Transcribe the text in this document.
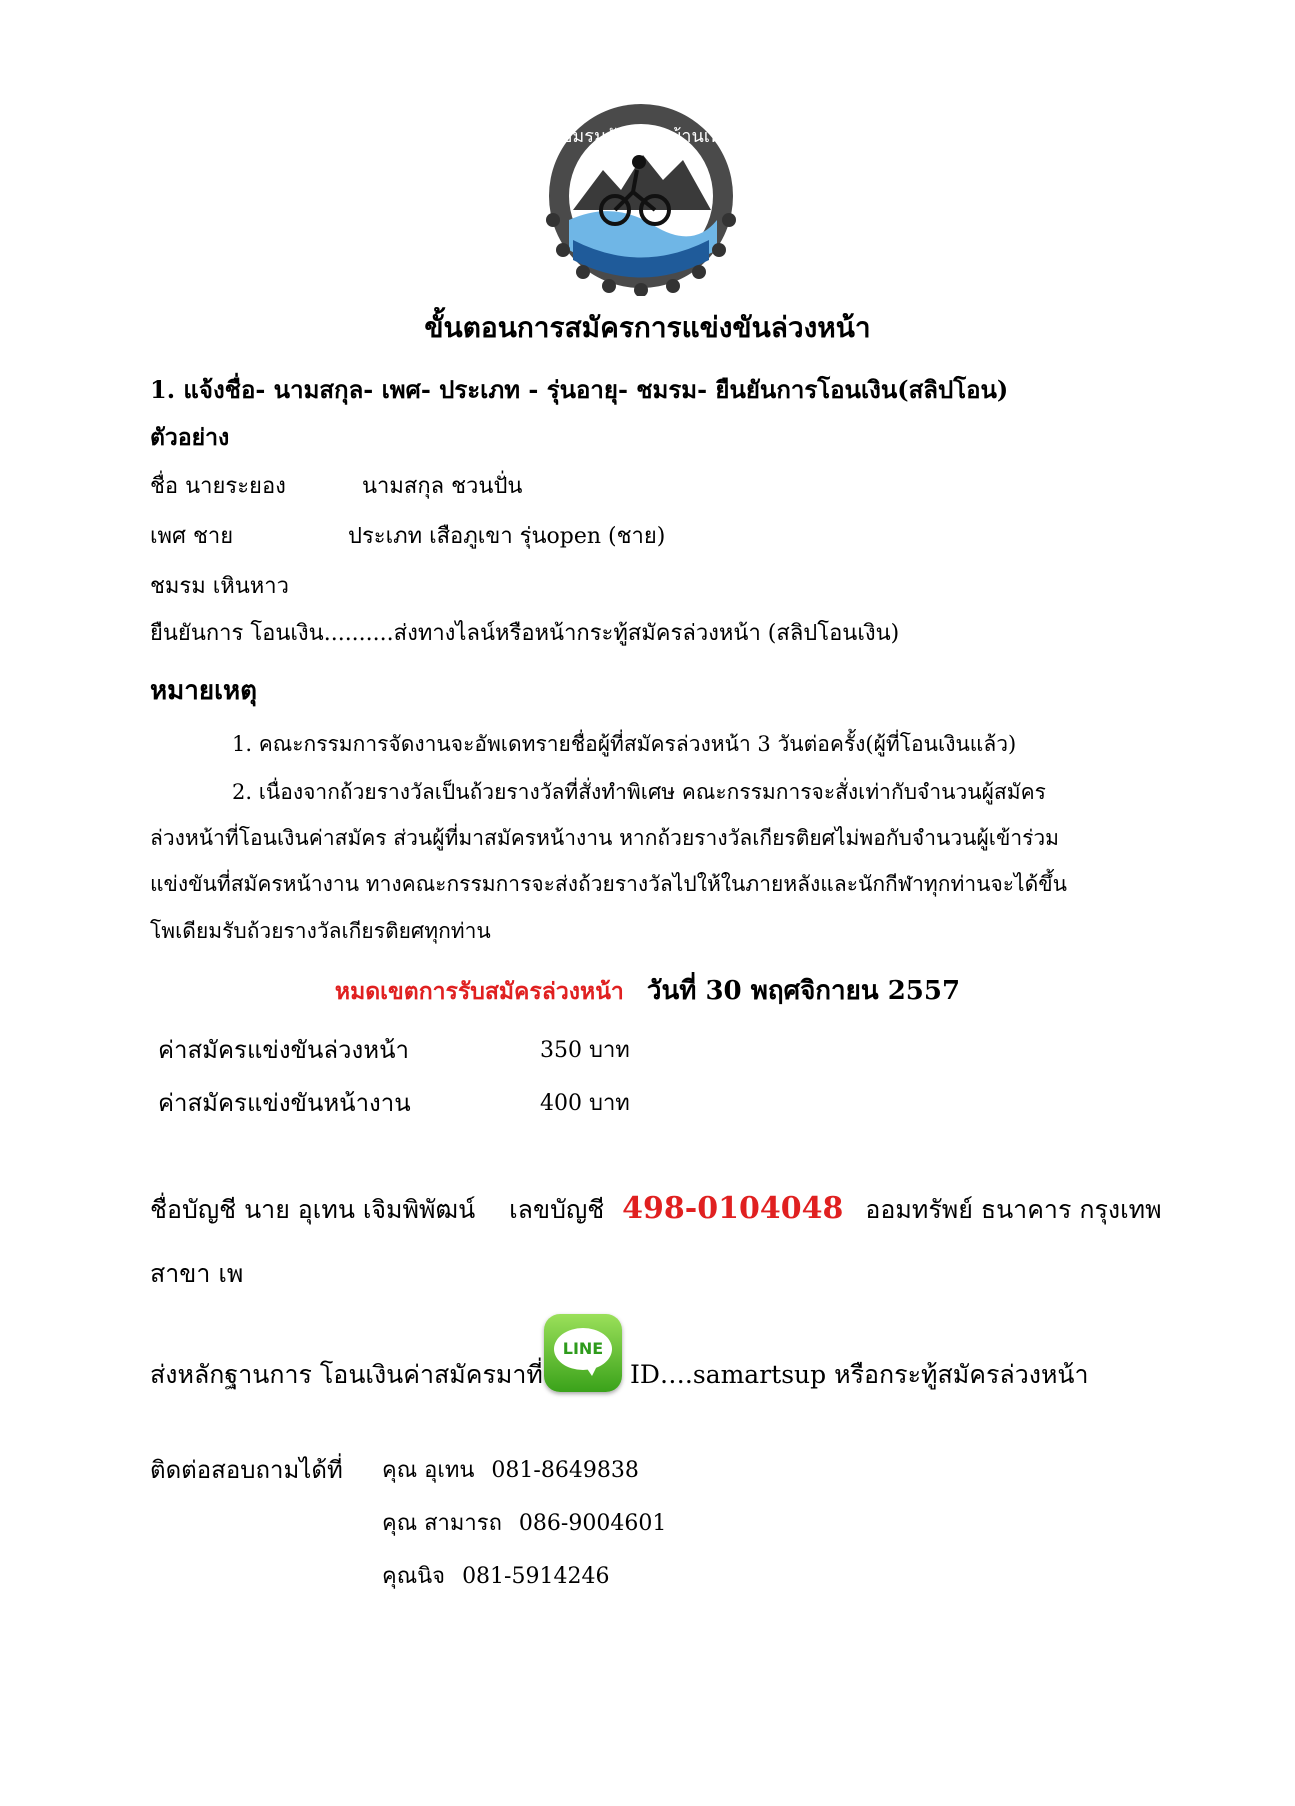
ชมรมจักรยานบ้านเพ
ขั้นตอนการสมัครการแข่งขันล่วงหน้า
1. แจ้งชื่อ- นามสกุล- เพศ- ประเภท - รุ่นอายุ- ชมรม- ยืนยันการโอนเงิน(สลิปโอน)
ตัวอย่าง
ชื่อ นายระยอง	นามสกุล ชวนปั่น
เพศ ชาย	ประเภท เสือภูเขา รุ่นopen (ชาย)
ชมรม เหินหาว
ยืนยันการ โอนเงิน..........ส่งทางไลน์หรือหน้ากระทู้สมัครล่วงหน้า (สลิปโอนเงิน)
หมายเหตุ
1. คณะกรรมการจัดงานจะอัพเดทรายชื่อผู้ที่สมัครล่วงหน้า 3 วันต่อครั้ง(ผู้ที่โอนเงินแล้ว)
2. เนื่องจากถ้วยรางวัลเป็นถ้วยรางวัลที่สั่งทำพิเศษ คณะกรรมการจะสั่งเท่ากับจำนวนผู้สมัคร
ล่วงหน้าที่โอนเงินค่าสมัคร ส่วนผู้ที่มาสมัครหน้างาน หากถ้วยรางวัลเกียรติยศไม่พอกับจำนวนผู้เข้าร่วม
แข่งขันที่สมัครหน้างาน ทางคณะกรรมการจะส่งถ้วยรางวัลไปให้ในภายหลังและนักกีฬาทุกท่านจะได้ขึ้น
โพเดียมรับถ้วยรางวัลเกียรติยศทุกท่าน
หมดเขตการรับสมัครล่วงหน้า วันที่ 30 พฤศจิกายน 2557
ค่าสมัครแข่งขันล่วงหน้า	350 บาท
ค่าสมัครแข่งขันหน้างาน	400 บาท
ชื่อบัญชี นาย อุเทน เจิมพิพัฒน์ เลขบัญชี 498-0104048 ออมทรัพย์ ธนาคาร กรุงเทพ
สาขา เพ
ส่งหลักฐานการ โอนเงินค่าสมัครมาที่
LINE
ID….samartsup หรือกระทู้สมัครล่วงหน้า
ติดต่อสอบถามได้ที่ คุณ อุเทน 081-8649838
คุณ สามารถ 086-9004601
คุณนิจ 081-5914246
